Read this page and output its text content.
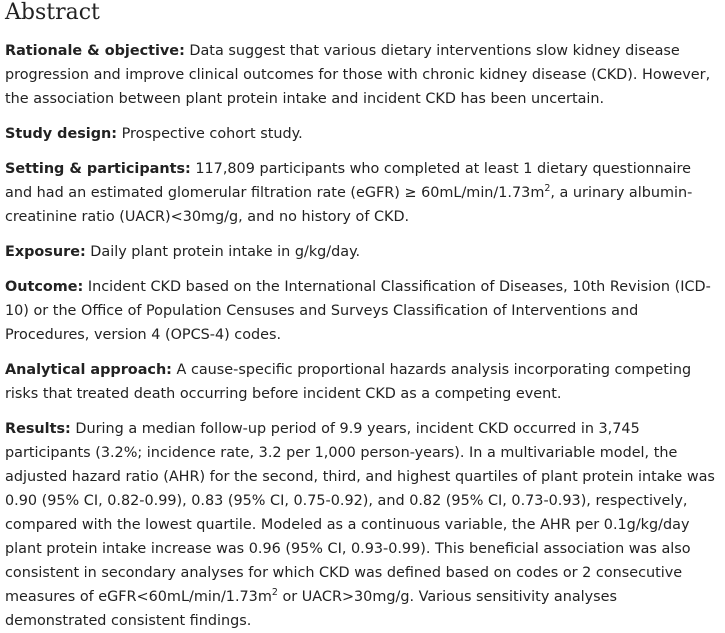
Abstract

Rationale & objective: Data suggest that various dietary interventions slow kidney disease progression and improve clinical outcomes for those with chronic kidney disease (CKD). However, the association between plant protein intake and incident CKD has been uncertain.

Study design: Prospective cohort study.

Setting & participants: 117,809 participants who completed at least 1 dietary questionnaire and had an estimated glomerular filtration rate (eGFR) ≥ $60mL/\min/1.73m^2$, a urinary albumin-creatinine ratio (UACR)<30mg/g, and no history of CKD.

Exposure: Daily plant protein intake in g/kg/day.

Outcome: Incident CKD based on the International Classification of Diseases, 10th Revision (ICD-10) or the Office of Population Censuses and Surveys Classification of Interventions and Procedures, version 4 (OPCS-4) codes.

Analytical approach: A cause-specific proportional hazards analysis incorporating competing risks that treated death occurring before incident CKD as a competing event.

Results: During a median follow-up period of 9.9 years, incident CKD occurred in 3,745 participants (3.2%; incidence rate, 3.2 per 1,000 person-years). In a multivariable model, the adjusted hazard ratio (AHR) for the second, third, and highest quartiles of plant protein intake was 0.90 (95% CI, 0.82-0.99), 0.83 (95% CI, 0.75-0.92), and 0.82 (95% CI, 0.73-0.93), respectively, compared with the lowest quartile. Modeled as a continuous variable, the AHR per 0.1g/kg/day plant protein intake increase was 0.96 (95% CI, 0.93-0.99). This beneficial association was also consistent in secondary analyses for which CKD was defined based on codes or 2 consecutive measures of $eGFR<60mL/\min/1.73m^2$ or UACR>30mg/g. Various sensitivity analyses demonstrated consistent findings.
